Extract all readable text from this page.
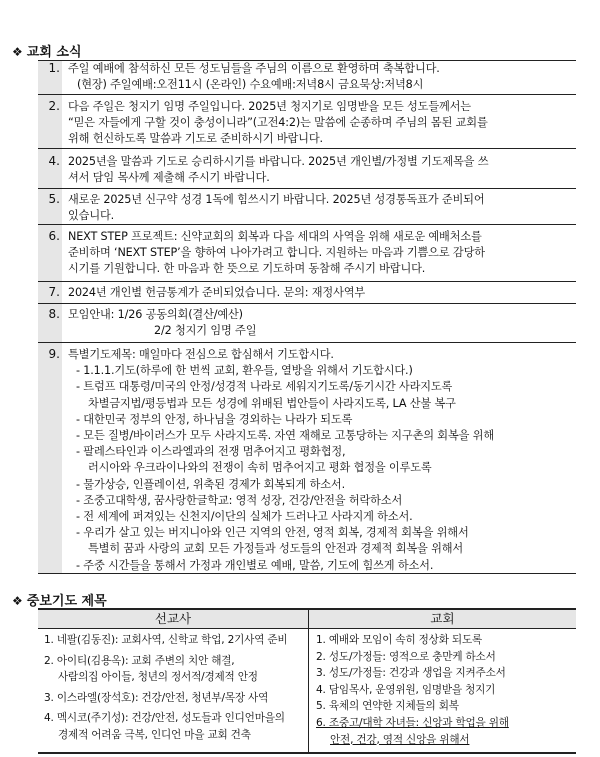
❖ 교회 소식
1. 주일 예배에 참석하신 모든 성도님들을 주님의 이름으로 환영하며 축복합니다.
(현장) 주일예배:오전11시 (온라인) 수요예배:저녁8시 금요묵상:저녁8시
2. 다음 주일은 청지기 임명 주일입니다. 2025년 청지기로 임명받을 모든 성도들께서는
“믿은 자들에게 구할 것이 충성이니라”(고전4:2)는 말씀에 순종하며 주님의 몸된 교회를
위해 헌신하도록 말씀과 기도로 준비하시기 바랍니다.
4. 2025년을 말씀과 기도로 승리하시기를 바랍니다. 2025년 개인별/가정별 기도제목을 쓰
셔서 담임 목사께 제출해 주시기 바랍니다.
5. 새로운 2025년 신구약 성경 1독에 힘쓰시기 바랍니다. 2025년 성경통독표가 준비되어
있습니다.
6. NEXT STEP 프로젝트: 신약교회의 회복과 다음 세대의 사역을 위해 새로운 예배처소를
준비하며 ‘NEXT STEP’을 향하여 나아가려고 합니다. 지원하는 마음과 기쁨으로 감당하
시기를 기원합니다. 한 마음과 한 뜻으로 기도하며 동참해 주시기 바랍니다.
7. 2024년 개인별 헌금통계가 준비되었습니다. 문의: 재정사역부
8. 모임안내: 1/26 공동의회(결산/예산)
2/2 청지기 임명 주일
9. 특별기도제목: 매일마다 전심으로 합심해서 기도합시다.
- 1.1.1.기도(하루에 한 번씩 교회, 환우들, 열방을 위해서 기도합시다.)
- 트럼프 대통령/미국의 안정/성경적 나라로 세워지기도록/동기시간 사라지도록
차별금지법/평등법과 모든 성경에 위배된 법안들이 사라지도록, LA 산불 복구
- 대한민국 정부의 안정, 하나님을 경외하는 나라가 되도록
- 모든 질병/바이러스가 모두 사라지도록. 자연 재해로 고통당하는 지구촌의 회복을 위해
- 팔레스타인과 이스라엘과의 전쟁 멈추어지고 평화협정,
러시아와 우크라이나와의 전쟁이 속히 멈추어지고 평화 협정을 이루도록
- 물가상승, 인플레이션, 위축된 경제가 회복되게 하소서.
- 조중고대학생, 꿈사랑한글학교: 영적 성장, 건강/안전을 허락하소서
- 전 세계에 퍼져있는 신천지/이단의 실체가 드러나고 사라지게 하소서.
- 우리가 살고 있는 버지니아와 인근 지역의 안전, 영적 회복, 경제적 회복을 위해서
특별히 꿈과 사랑의 교회 모든 가정들과 성도들의 안전과 경제적 회복을 위해서
- 주중 시간들을 통해서 가정과 개인별로 예배, 말씀, 기도에 힘쓰게 하소서.
❖ 중보기도 제목
선교사	교회
1. 네팔(김동진): 교회사역, 신학교 학업, 2기사역 준비
2. 아이티(김용옥): 교회 주변의 치안 해결,
사람의집 아이들, 청년의 정서적/경제적 안정
3. 이스라엘(장석호): 건강/안전, 청년부/목장 사역
4. 멕시코(주기성): 건강/안전, 성도들과 인디언마을의
경제적 어려움 극복, 인디언 마을 교회 건축
1. 예배와 모임이 속히 정상화 되도록
2. 성도/가정들: 영적으로 충만케 하소서
3. 성도/가정들: 건강과 생업을 지켜주소서
4. 담임목사, 운영위원, 임명받을 청지기
5. 육체의 연약한 지체들의 회복
6. 조중고/대학 자녀들: 신앙과 학업을 위해
안전, 건강, 영적 신앙을 위해서
